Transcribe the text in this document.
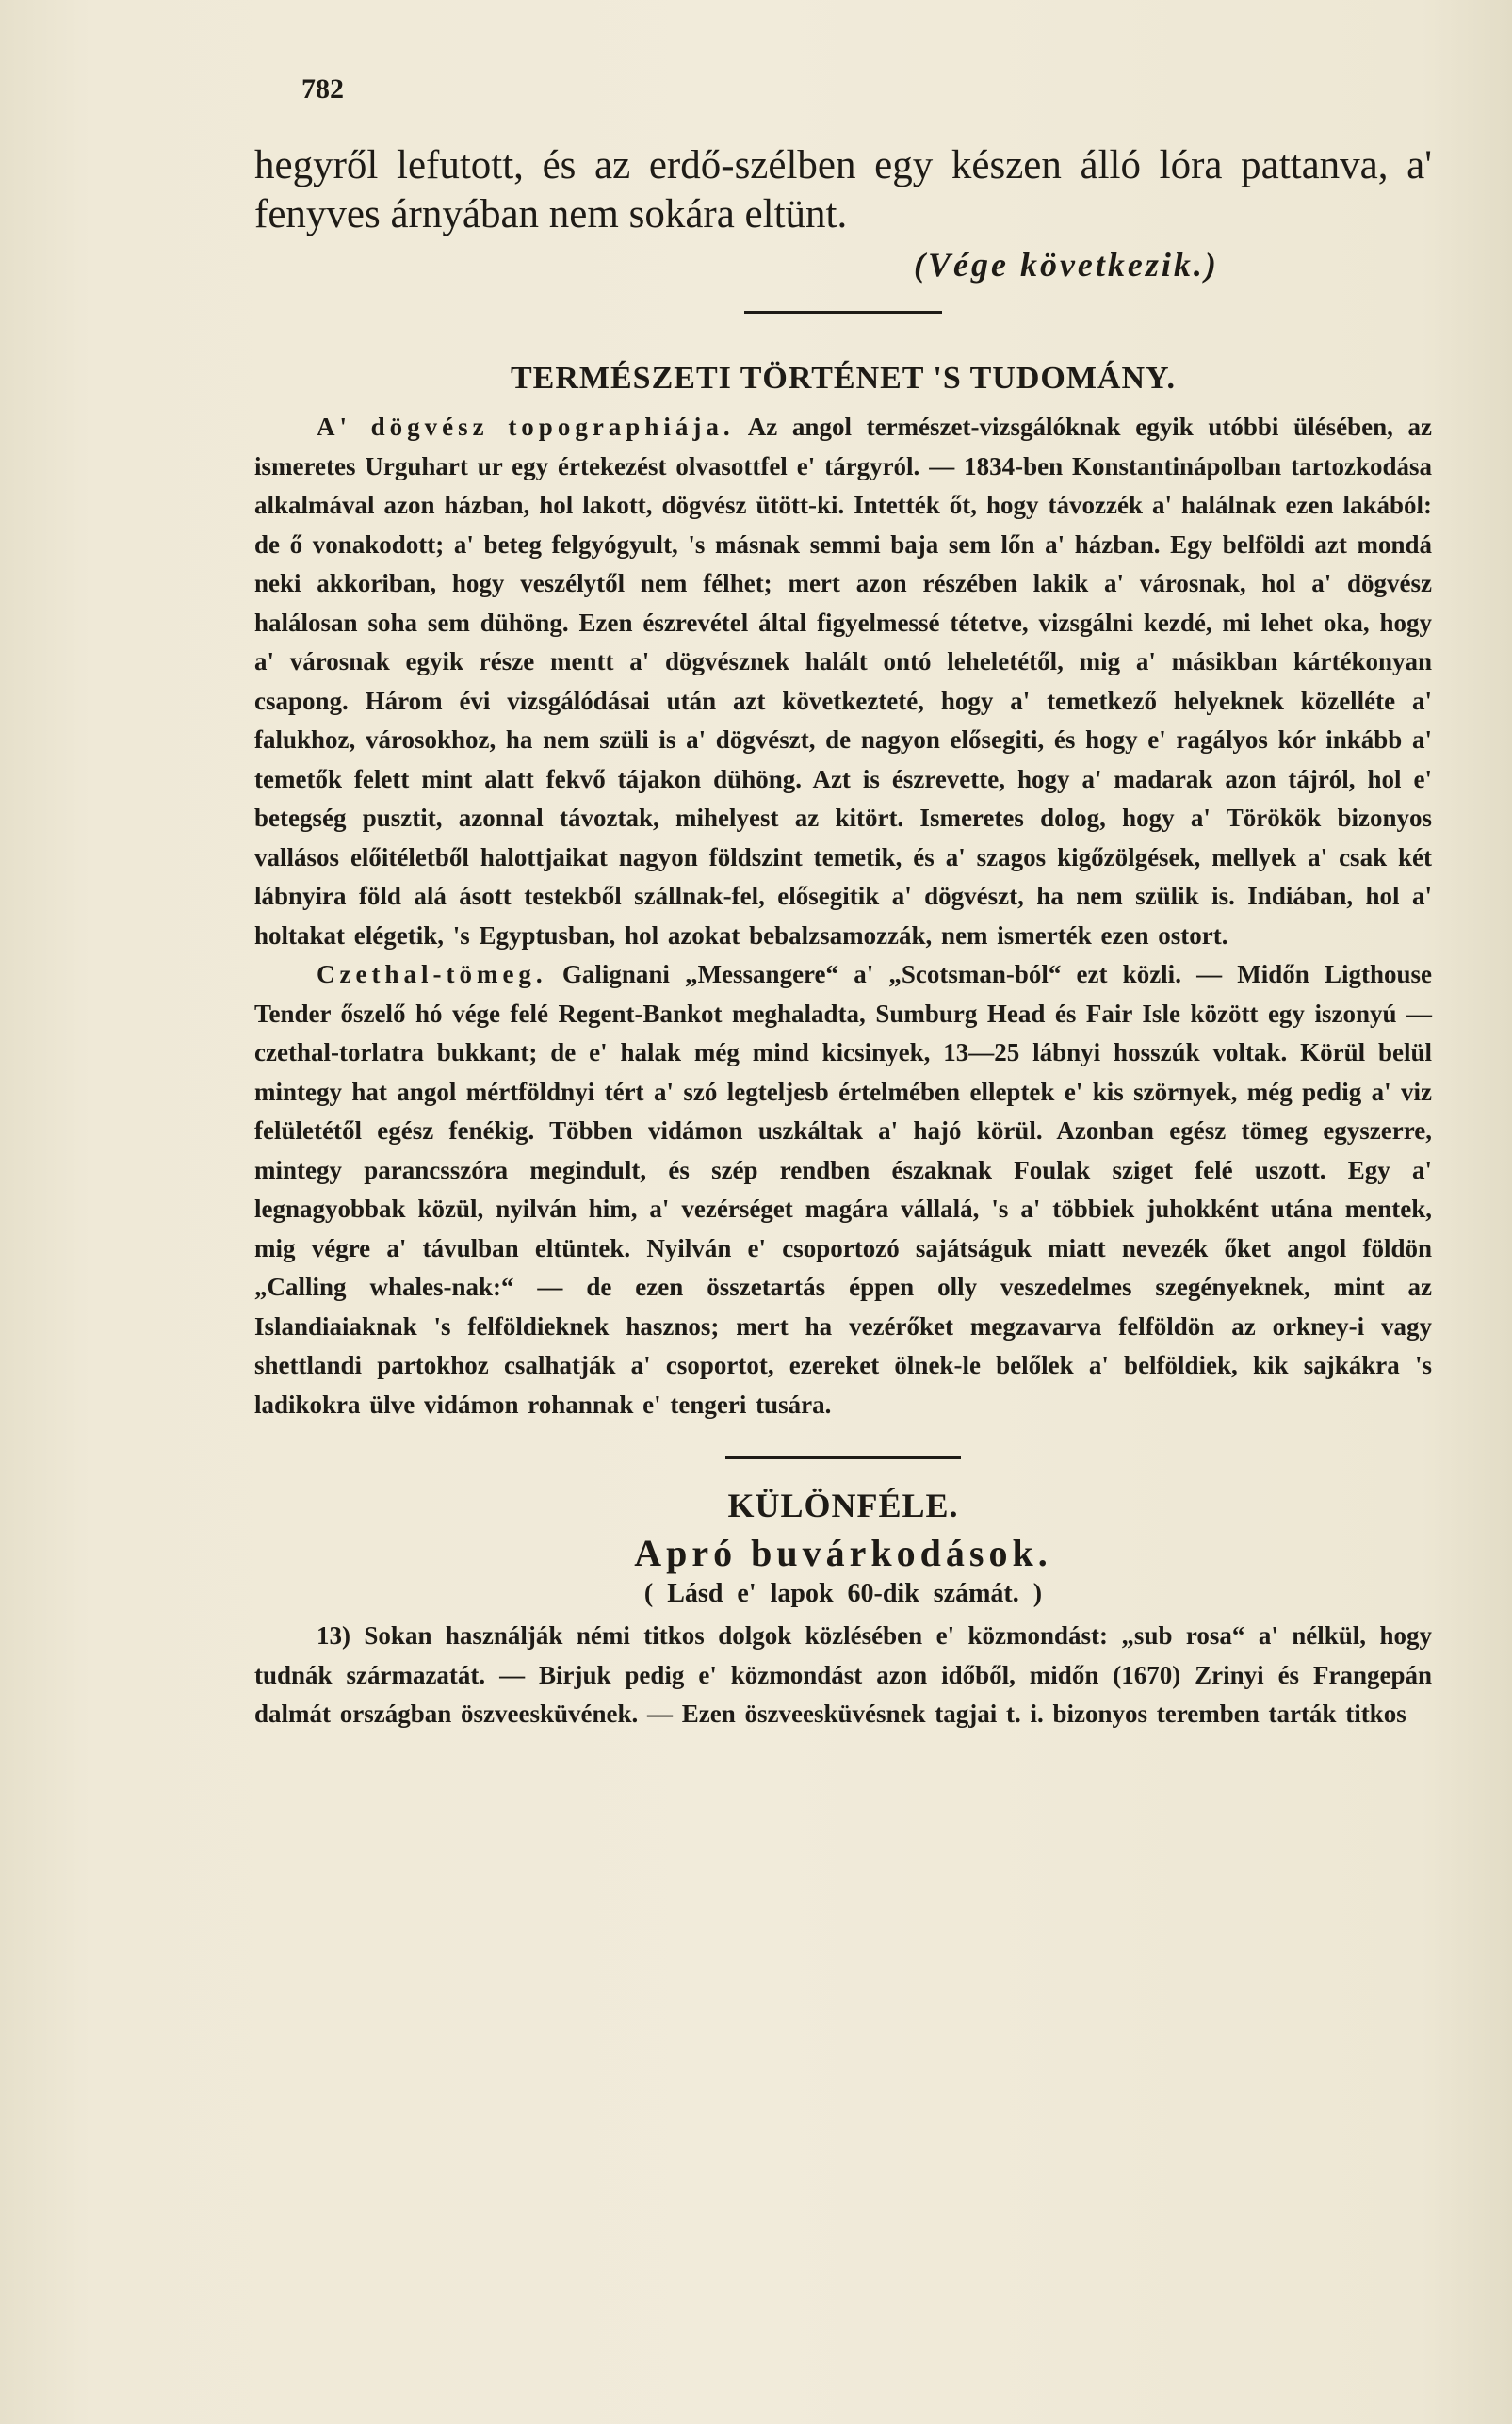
782

hegyről lefutott, és az erdő-szélben egy készen álló lóra pattanva, a' fenyves árnyában nem sokára eltünt.

(Vége következik.)
TERMÉSZETI TÖRTÉNET 'S TUDOMÁNY.

A' dögvész topographiája. Az angol természet-vizsgálóknak egyik utóbbi ülésében, az ismeretes Urguhart ur egy értekezést olvasottfel e' tárgyról. — 1834-ben Konstantinápolban tartozkodása alkalmával azon házban, hol lakott, dögvész ütött-ki. Intették őt, hogy távozzék a' halálnak ezen lakából: de ő vonakodott; a' beteg felgyógyult, 's másnak semmi baja sem lőn a' házban. Egy belföldi azt mondá neki akkoriban, hogy veszélytől nem félhet; mert azon részében lakik a' városnak, hol a' dögvész halálosan soha sem dühöng. Ezen észrevétel által figyelmessé tétetve, vizsgálni kezdé, mi lehet oka, hogy a' városnak egyik része mentt a' dögvésznek halált ontó leheletétől, mig a' másikban kártékonyan csapong. Három évi vizsgálódásai után azt következteté, hogy a' temetkező helyeknek közelléte a' falukhoz, városokhoz, ha nem szüli is a' dögvészt, de nagyon elősegiti, és hogy e' ragályos kór inkább a' temetők felett mint alatt fekvő tájakon dühöng. Azt is észrevette, hogy a' madarak azon tájról, hol e' betegség pusztit, azonnal távoztak, mihelyest az kitört. Ismeretes dolog, hogy a' Törökök bizonyos vallásos előitéletből halottjaikat nagyon földszint temetik, és a' szagos kigőzölgések, mellyek a' csak két lábnyira föld alá ásott testekből szállnak-fel, elősegitik a' dögvészt, ha nem szülik is. Indiában, hol a' holtakat elégetik, 's Egyptusban, hol azokat bebalzsamozzák, nem ismerték ezen ostort.

Czethal-tömeg. Galignani „Messangere“ a' „Scotsman-ból“ ezt közli. — Midőn Ligthouse Tender őszelő hó vége felé Regent-Bankot meghaladta, Sumburg Head és Fair Isle között egy iszonyú — czethal-torlatra bukkant; de e' halak még mind kicsinyek, 13—25 lábnyi hosszúk voltak. Körül belül mintegy hat angol mértföldnyi tért a' szó legteljesb értelmében elleptek e' kis szörnyek, még pedig a' viz felületétől egész fenékig. Többen vidámon uszkáltak a' hajó körül. Azonban egész tömeg egyszerre, mintegy parancsszóra megindult, és szép rendben északnak Foulak sziget felé uszott. Egy a' legnagyobbak közül, nyilván him, a' vezérséget magára vállalá, 's a' többiek juhokként utána mentek, mig végre a' távulban eltüntek. Nyilván e' csoportozó sajátságuk miatt nevezék őket angol földön „Calling whales-nak:“ — de ezen összetartás éppen olly veszedelmes szegényeknek, mint az Islandiaiaknak 's felföldieknek hasznos; mert ha vezérőket megzavarva felföldön az orkney-i vagy shettlandi partokhoz csalhatják a' csoportot, ezereket ölnek-le belőlek a' belföldiek, kik sajkákra 's ladikokra ülve vidámon rohannak e' tengeri tusára.

KÜLÖNFÉLE.
Apró buvárkodások.
( Lásd e' lapok 60-dik számát. )

13) Sokan használják némi titkos dolgok közlésében e' közmondást: „sub rosa“ a' nélkül, hogy tudnák származatát. — Birjuk pedig e' közmondást azon időből, midőn (1670) Zrinyi és Frangepán dalmát országban öszveesküvének. — Ezen öszveesküvésnek tagjai t. i. bizonyos teremben tarták titkos
